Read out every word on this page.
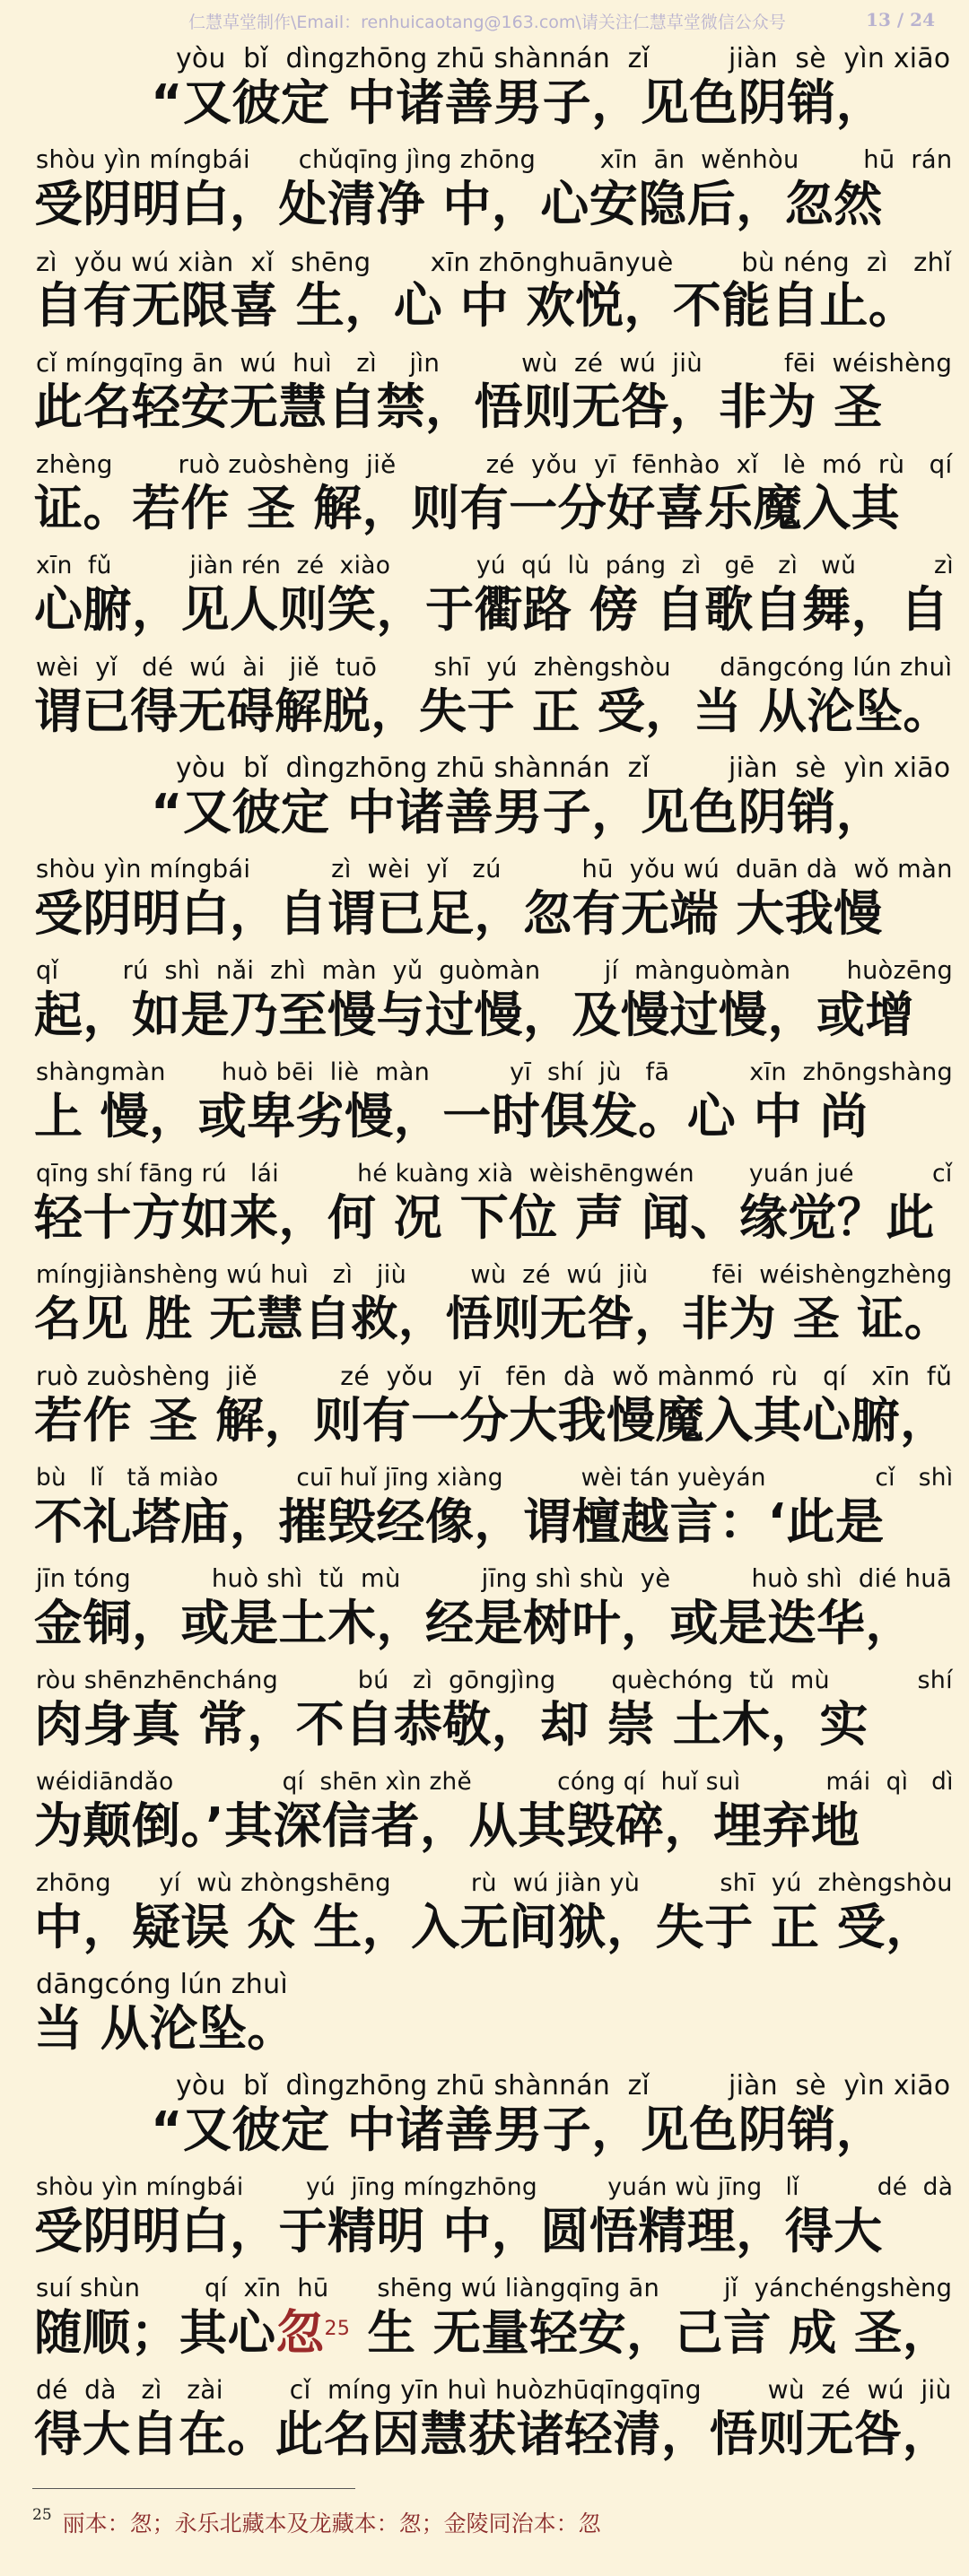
仁慧草堂制作\Email：renhuicaotang@163.com\请关注仁慧草堂微信公众号	13 / 24
yòu  bǐ  dìngzhōng zhū shànnán  zǐ         jiàn  sè  yìn xiāo
“又彼定 中诸善男子，见色阴销，
shòu yìn míngbái      chǔqīng jìng zhōng        xīn  ān  wěnhòu        hū  rán
受阴明白，处清净 中，心安隐后，忽然
zì  yǒu wú xiàn  xǐ  shēng       xīn zhōnghuānyuè        bù néng  zì   zhǐ
自有无限喜 生，心 中 欢悦，不能自止。
cǐ míngqīng ān  wú  huì   zì    jìn          wù  zé  wú  jiù          fēi  wéishèng
此名轻安无慧自禁，悟则无咎，非为 圣
zhèng        ruò zuòshèng  jiě           zé  yǒu  yī  fēnhào  xǐ   lè  mó  rù   qí
证。若作 圣 解，则有一分好喜乐魔入其
xīn  fǔ          jiàn rén  zé  xiào           yú  qú  lù  páng  zì   gē   zì   wǔ          zì
心腑，见人则笑，于衢路 傍 自歌自舞，自
wèi  yǐ   dé  wú  ài   jiě  tuō       shī  yú  zhèngshòu      dāngcóng lún zhuì
谓已得无碍解脱，失于 正 受，当 从沦坠。
yòu  bǐ  dìngzhōng zhū shànnán  zǐ         jiàn  sè  yìn xiāo
“又彼定 中诸善男子，见色阴销，
shòu yìn míngbái          zì  wèi  yǐ   zú          hū  yǒu wú  duān dà  wǒ màn
受阴明白，自谓已足，忽有无端 大我慢
qǐ        rú  shì  nǎi  zhì  màn  yǔ  guòmàn        jí  mànguòmàn       huòzēng
起，如是乃至慢与过慢，及慢过慢，或增
shàngmàn       huò bēi  liè  màn          yī  shí  jù   fā          xīn  zhōngshàng
上 慢，或卑劣慢，一时俱发。心 中 尚
qīng shí fāng rú   lái          hé kuàng xià  wèishēngwén       yuán jué          cǐ
轻十方如来，何 况 下位 声 闻、缘觉？此
míngjiànshèng wú huì   zì   jiù        wù  zé  wú  jiù        fēi  wéishèngzhèng
名见 胜 无慧自救，悟则无咎，非为 圣 证。
ruò zuòshèng  jiě          zé  yǒu   yī   fēn  dà  wǒ mànmó  rù   qí   xīn  fǔ
若作 圣 解，则有一分大我慢魔入其心腑，
bù   lǐ   tǎ miào          cuī huǐ jīng xiàng          wèi tán yuèyán              cǐ   shì
不礼塔庙，摧毁经像，谓檀越言：‘此是
jīn tóng          huò shì  tǔ  mù          jīng shì shù  yè          huò shì  dié huā
金铜，或是土木，经是树叶，或是迭华，
ròu shēnzhēncháng          bú   zì  gōngjìng       quèchóng  tǔ  mù           shí
肉身真 常，不自恭敬，却 崇 土木，实
wéidiāndǎo              qí  shēn xìn zhě           cóng qí  huǐ suì           mái  qì   dì
为颠倒。’其深信者，从其毁碎，埋弃地
zhōng      yí  wù zhòngshēng          rù  wú jiàn yù          shī  yú  zhèngshòu
中，疑误 众 生，入无间狱，失于 正 受，
dāngcóng lún zhuì
当 从沦坠。
yòu  bǐ  dìngzhōng zhū shànnán  zǐ         jiàn  sè  yìn xiāo
“又彼定 中诸善男子，见色阴销，
shòu yìn míngbái        yú  jīng míngzhōng         yuán wù jīng   lǐ          dé  dà
受阴明白，于精明 中，圆悟精理，得大
suí shùn        qí  xīn  hū      shēng wú liàngqīng ān        jǐ  yánchéngshèng
随顺；其心忽$^{25}$ 生 无量轻安，己言 成 圣，
dé  dà   zì   zài        cǐ  míng yīn huì huòzhūqīngqīng        wù  zé  wú  jiù
得大自在。此名因慧获诸轻清，悟则无咎，
$^{25}$ 丽本：怱；永乐北藏本及龙藏本：怱；金陵同治本：忽
